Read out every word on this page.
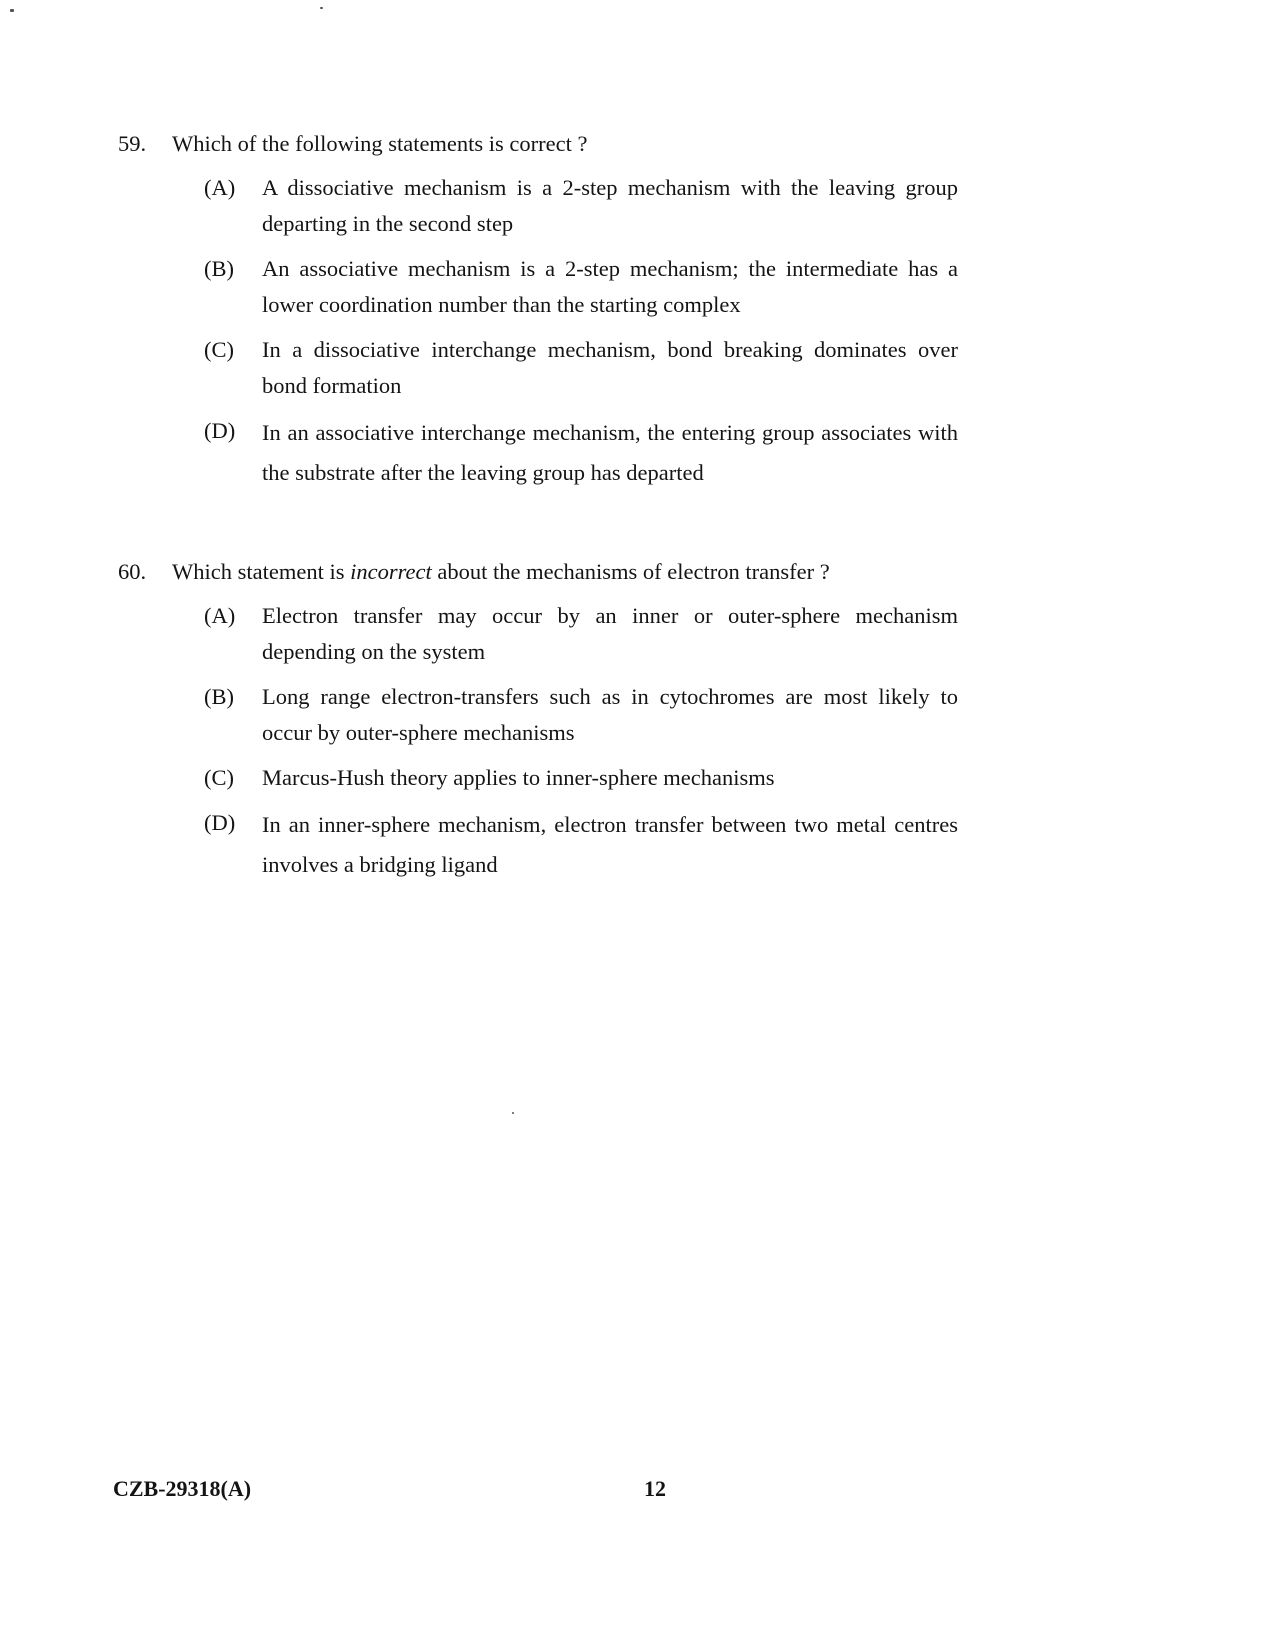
59.	Which of the following statements is correct ?
(A)	A dissociative mechanism is a 2-step mechanism with the leaving group departing in the second step
(B)	An associative mechanism is a 2-step mechanism; the intermediate has a lower coordination number than the starting complex
(C)	In a dissociative interchange mechanism, bond breaking dominates over bond formation
(D)	In an associative interchange mechanism, the entering group associates with the substrate after the leaving group has departed
60.	Which statement is incorrect about the mechanisms of electron transfer ?
(A)	Electron transfer may occur by an inner or outer-sphere mechanism depending on the system
(B)	Long range electron-transfers such as in cytochromes are most likely to occur by outer-sphere mechanisms
(C)	Marcus-Hush theory applies to inner-sphere mechanisms
(D)	In an inner-sphere mechanism, electron transfer between two metal centres involves a bridging ligand
CZB-29318(A)	12
